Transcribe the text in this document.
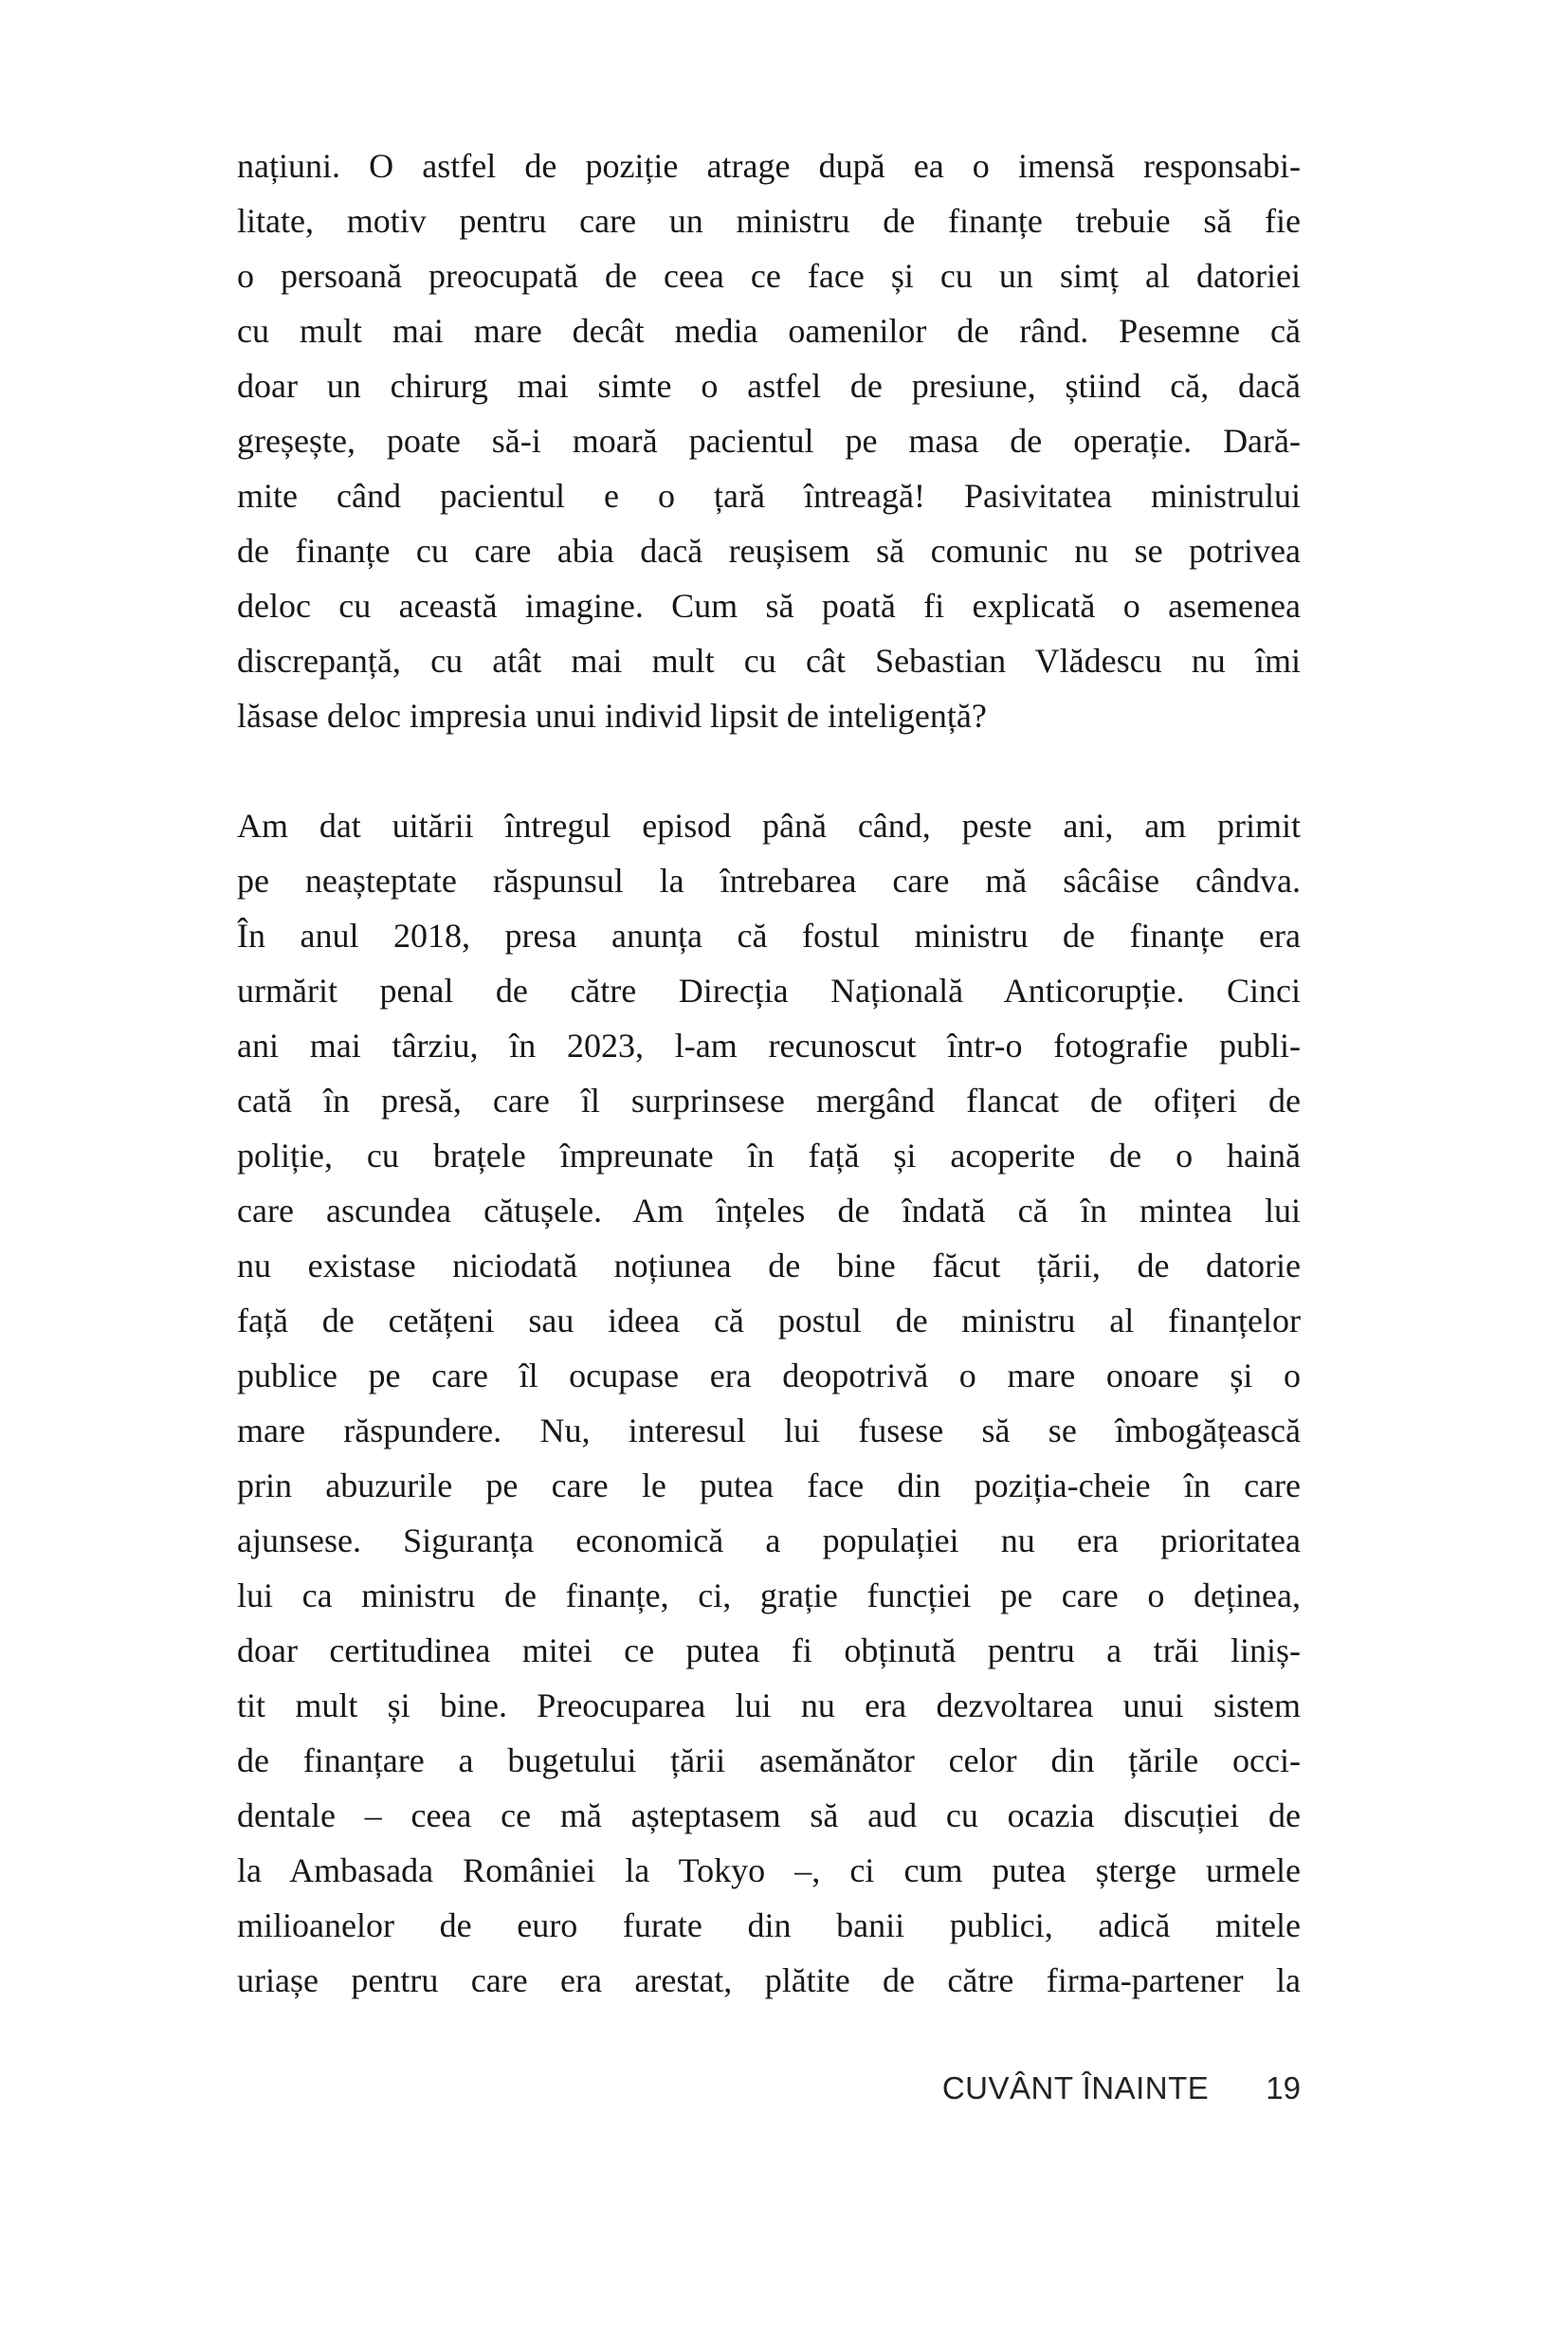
națiuni. O astfel de poziție atrage după ea o imensă responsabi-
litate, motiv pentru care un ministru de finanțe trebuie să fie
o persoană preocupată de ceea ce face și cu un simț al datoriei
cu mult mai mare decât media oamenilor de rând. Pesemne că
doar un chirurg mai simte o astfel de presiune, știind că, dacă
greșește, poate să-i moară pacientul pe masa de operație. Dară-
mite când pacientul e o țară întreagă! Pasivitatea ministrului
de finanțe cu care abia dacă reușisem să comunic nu se potrivea
deloc cu această imagine. Cum să poată fi explicată o asemenea
discrepanță, cu atât mai mult cu cât Sebastian Vlădescu nu îmi
lăsase deloc impresia unui individ lipsit de inteligență?
Am dat uitării întregul episod până când, peste ani, am primit
pe neașteptate răspunsul la întrebarea care mă sâcâise cândva.
În anul 2018, presa anunța că fostul ministru de finanțe era
urmărit penal de către Direcția Națională Anticorupție. Cinci
ani mai târziu, în 2023, l-am recunoscut într-o fotografie publi-
cată în presă, care îl surprinsese mergând flancat de ofițeri de
poliție, cu brațele împreunate în față și acoperite de o haină
care ascundea cătușele. Am înțeles de îndată că în mintea lui
nu existase niciodată noțiunea de bine făcut țării, de datorie
față de cetățeni sau ideea că postul de ministru al finanțelor
publice pe care îl ocupase era deopotrivă o mare onoare și o
mare răspundere. Nu, interesul lui fusese să se îmbogățească
prin abuzurile pe care le putea face din poziția-cheie în care
ajunsese. Siguranța economică a populației nu era prioritatea
lui ca ministru de finanțe, ci, grație funcției pe care o deținea,
doar certitudinea mitei ce putea fi obținută pentru a trăi liniș-
tit mult și bine. Preocuparea lui nu era dezvoltarea unui sistem
de finanțare a bugetului țării asemănător celor din țările occi-
dentale – ceea ce mă așteptasem să aud cu ocazia discuției de
la Ambasada României la Tokyo –, ci cum putea șterge urmele
milioanelor de euro furate din banii publici, adică mitele
uriașe pentru care era arestat, plătite de către firma-partener la
CUVÂNT ÎNAINTE 19
